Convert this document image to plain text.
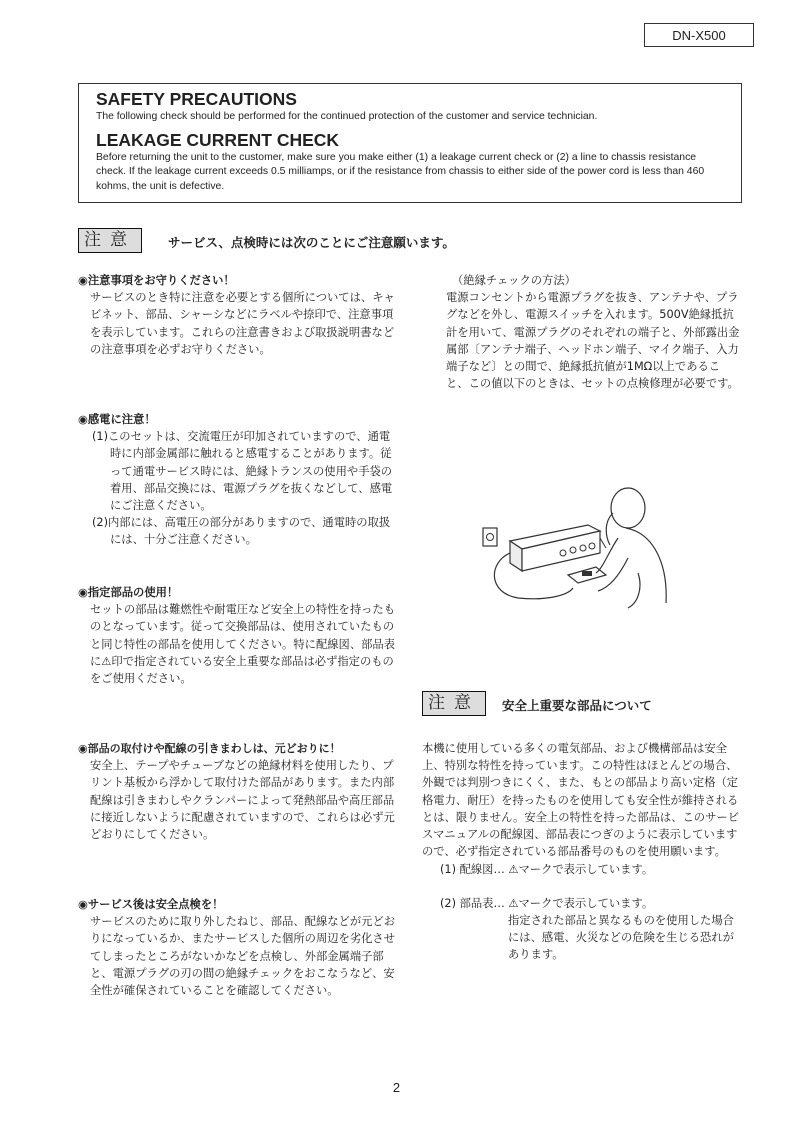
DN-X500
SAFETY PRECAUTIONS

The following check should be performed for the continued protection of the customer and service technician.

LEAKAGE CURRENT CHECK

Before returning the unit to the customer, make sure you make either (1) a leakage current check or (2) a line to chassis resistance check. If the leakage current exceeds 0.5 milliamps, or if the resistance from chassis to either side of the power cord is less than 460 kohms, the unit is defective.

注意	サービス、点検時には次のことにご注意願います。

◉注意事項をお守りください！

サービスのとき特に注意を必要とする個所については、キャビネット、部品、シャーシなどにラベルや捺印で、注意事項を表示しています。これらの注意書きおよび取扱説明書などの注意事項を必ずお守りください。

◉感電に注意！

(1)このセットは、交流電圧が印加されていますので、通電時に内部金属部に触れると感電することがあります。従って通電サービス時には、絶縁トランスの使用や手袋の着用、部品交換には、電源プラグを抜くなどして、感電にご注意ください。

(2)内部には、高電圧の部分がありますので、通電時の取扱には、十分ご注意ください。

◉指定部品の使用！

セットの部品は難燃性や耐電圧など安全上の特性を持ったものとなっています。従って交換部品は、使用されていたものと同じ特性の部品を使用してください。特に配線図、部品表に⚠印で指定されている安全上重要な部品は必ず指定のものをご使用ください。

◉部品の取付けや配線の引きまわしは、元どおりに！

安全上、テープやチューブなどの絶縁材料を使用したり、プリント基板から浮かして取付けた部品があります。また内部配線は引きまわしやクランパーによって発熱部品や高圧部品に接近しないように配慮されていますので、これらは必ず元どおりにしてください。

◉サービス後は安全点検を！

サービスのために取り外したねじ、部品、配線などが元どおりになっているか、またサービスした個所の周辺を劣化させてしまったところがないかなどを点検し、外部金属端子部と、電源プラグの刃の間の絶縁チェックをおこなうなど、安全性が確保されていることを確認してください。

（絶縁チェックの方法）

電源コンセントから電源プラグを抜き、アンテナや、プラグなどを外し、電源スイッチを入れます。500V絶縁抵抗計を用いて、電源プラグのそれぞれの端子と、外部露出金属部〔アンテナ端子、ヘッドホン端子、マイク端子、入力端子など〕との間で、絶縁抵抗値が1MΩ以上であること、この値以下のときは、セットの点検修理が必要です。

注意	安全上重要な部品について

本機に使用している多くの電気部品、および機構部品は安全上、特別な特性を持っています。この特性はほとんどの場合、外観では判別つきにくく、また、もとの部品より高い定格（定格電力、耐圧）を持ったものを使用しても安全性が維持されるとは、限りません。安全上の特性を持った部品は、このサービスマニュアルの配線図、部品表につぎのように表示していますので、必ず指定されている部品番号のものを使用願います。

(1) 配線図… ⚠マークで表示しています。

(2) 部品表… ⚠マークで表示しています。

指定された部品と異なるものを使用した場合には、感電、火災などの危険を生じる恐れがあります。

2
